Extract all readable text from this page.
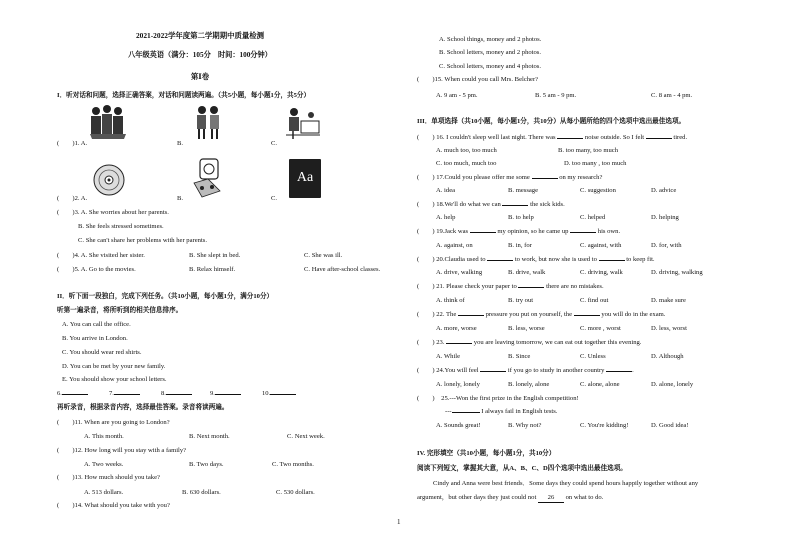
2021-2022学年度第二学期期中质量检测
八年级英语（满分：105分　时间：100分钟）
第Ⅰ卷
I．听对话和问题，选择正确答案，对话和问题读两遍。（共5小题，每小题1分，共5分）
(　　)1. A.	B.	C.
(　　)2. A.	B.	C.
Aa
(　　)3. A. She worries about her parents.
B. She feels stressed sometimes.
C. She can't share her problems with her parents.
(　　)4. A. She visited her sister.	B. She slept in bed.	C. She was ill.
(　　)5. A. Go to the movies.	B. Relax himself.	C. Have after-school classes.
II．听下面一段独白，完成下列任务。（共10小题，每小题1分，满分10分）
听第一遍录音，将所听到的相关信息排序。
A. You can call the office.
B. You arrive in London.
C. You should wear red shirts.
D. You can be met by your new family.
E. You should show your school letters.
6.	7.	8.	9.	10.
再听录音，根据录音内容，选择最佳答案。录音将读两遍。
(　　)11. When are you going to London?
A. This month.	B. Next month.	C. Next week.
(　　)12. How long will you stay with a family?
A. Two weeks.	B. Two days.	C. Two months.
(　　)13. How much should you take?
A. 513 dollars.	B. 630 dollars.	C. 530 dollars.
(　　)14. What should you take with you?
A. School things, money and 2 photos.
B. School letters, money and 2 photos.
C. School letters, money and 4 photos.
(　　)15. When could you call Mrs. Belcher?
A. 9 am - 5 pm.	B. 5 am - 9 pm.	C. 8 am - 4 pm.
III．单项选择（共10小题，每小题1分，共10分）从每小题所给的四个选项中选出最佳选项。
(　　) 16. I couldn't sleep well last night. There was	noise outside. So I felt	tired.
A. much too, too much	B. too many, too much
C. too much, much too	D. too many , too much
(　　) 17.Could you please offer me some	on my research?
A. idea	B. message	C. suggestion	D. advice
(　　) 18.We'll do what we can	the sick kids.
A. help	B. to help	C. helped	D. helping
(　　) 19.Jack was	my opinion, so he came up	his own.
A. against, on	B. in, for	C. against, with	D. for, with
(　　) 20.Claudia used to	to work, but now she is used to	to keep fit.
A. drive, walking	B. drive, walk	C. driving, walk	D. driving, walking
(　　) 21. Please check your paper to	there are no mistakes.
A. think of	B. try out	C. find out	D. make sure
(　　) 22. The	pressure you put on yourself, the	you will do in the exam.
A. more, worse	B. less, worse	C. more , worst	D. less, worst
(　　) 23.	you are leaving tomorrow, we can eat out together this evening.
A. While	B. Since	C. Unless	D. Although
(　　) 24.You will feel	if you go to study in another country	.
A. lonely, lonely	B. lonely, alone	C. alone, alone	D. alone, lonely
(　　)　25.---Won the first prize in the English competition!
---	I always fail in English tests.
A. Sounds great!	B. Why not?	C. You're kidding!	D. Good idea!
IV. 完形填空（共10小题，每小题1分，共10分）
阅读下列短文，掌握其大意，从A、B、C、D四个选项中选出最佳选项。
Cindy and Anna were best friends．Some days they could spend hours happily together without any
argument，but other days they just could not 26 on what to do.
1
